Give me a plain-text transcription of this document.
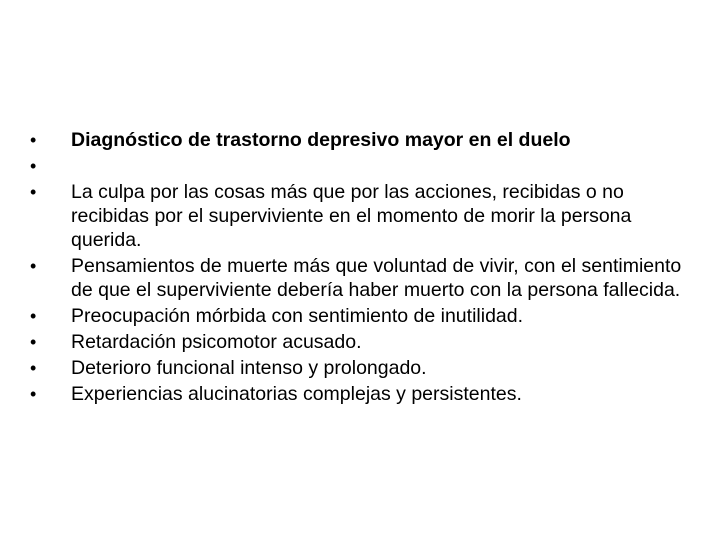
•	Diagnóstico de trastorno depresivo mayor en el duelo
•
•	La culpa por las cosas más que por las acciones, recibidas o no recibidas por el superviviente en el momento de morir la persona querida.
•	Pensamientos de muerte más que voluntad de vivir, con el sentimiento de que el superviviente debería haber muerto con la persona fallecida.
•	Preocupación mórbida con sentimiento de inutilidad.
•	Retardación psicomotor acusado.
•	Deterioro funcional intenso y prolongado.
•	Experiencias alucinatorias complejas y persistentes.
